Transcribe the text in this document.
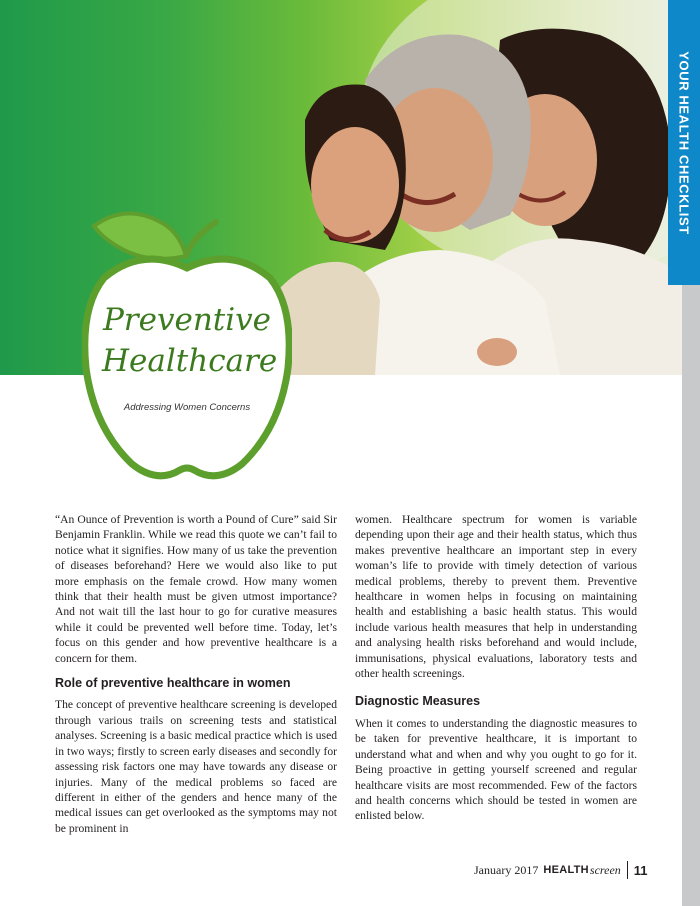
YOUR HEALTH CHECKLIST
Preventive
Healthcare
Addressing Women Concerns

“An Ounce of Prevention is worth a Pound of Cure” said Sir Benjamin Franklin. While we read this quote we can’t fail to notice what it signifies. How many of us take the prevention of diseases beforehand? Here we would also like to put more emphasis on the female crowd. How many women think that their health must be given utmost importance? And not wait till the last hour to go for curative measures while it could be prevented well before time. Today, let’s focus on this gender and how preventive healthcare is a concern for them.

Role of preventive healthcare in women

The concept of preventive healthcare screening is developed through various trails on screening tests and statistical analyses. Screening is a basic medical practice which is used in two ways; firstly to screen early diseases and secondly for assessing risk factors one may have towards any disease or injuries. Many of the medical problems so faced are different in either of the genders and hence many of the medical issues can get overlooked as the symptoms may not be prominent in

women. Healthcare spectrum for women is variable depending upon their age and their health status, which thus makes preventive healthcare an important step in every woman’s life to provide with timely detection of various medical problems, thereby to prevent them. Preventive healthcare in women helps in focusing on maintaining health and establishing a basic health status. This would include various health measures that help in understanding and analysing health risks beforehand and would include, immunisations, physical evaluations, laboratory tests and other health screenings.

Diagnostic Measures

When it comes to understanding the diagnostic measures to be taken for preventive healthcare, it is important to understand what and when and why you ought to go for it. Being proactive in getting yourself screened and regular healthcare visits are most recommended. Few of the factors and health concerns which should be tested in women are enlisted below.

January 2017 HEALTH screen 11
